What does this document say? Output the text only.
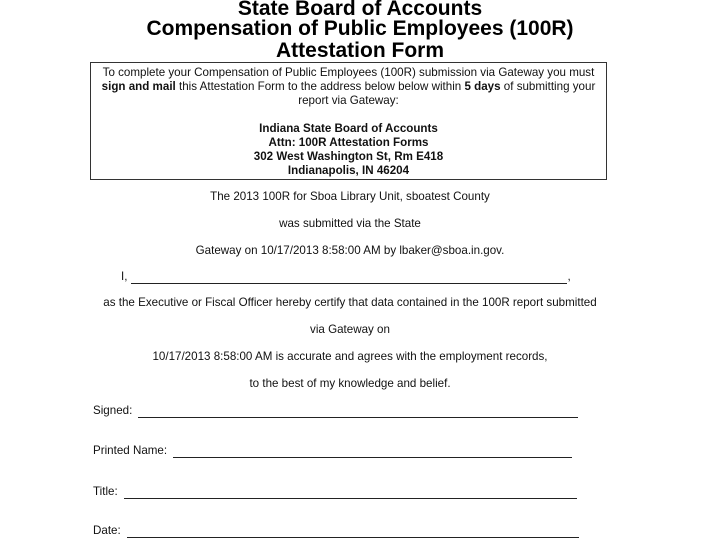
State Board of Accounts
Compensation of Public Employees (100R)
Attestation Form
To complete your Compensation of Public Employees (100R) submission via Gateway you must sign and mail this Attestation Form to the address below below within 5 days of submitting your report via Gateway:
Indiana State Board of Accounts
Attn: 100R Attestation Forms
302 West Washington St, Rm E418
Indianapolis, IN 46204
The 2013 100R for Sboa Library Unit, sboatest County
was submitted via the State
Gateway on 10/17/2013 8:58:00 AM by lbaker@sboa.in.gov.
I,	,
as the Executive or Fiscal Officer hereby certify that data contained in the 100R report submitted
via Gateway on
10/17/2013 8:58:00 AM is accurate and agrees with the employment records,
to the best of my knowledge and belief.
Signed:
Printed Name:
Title:
Date:
